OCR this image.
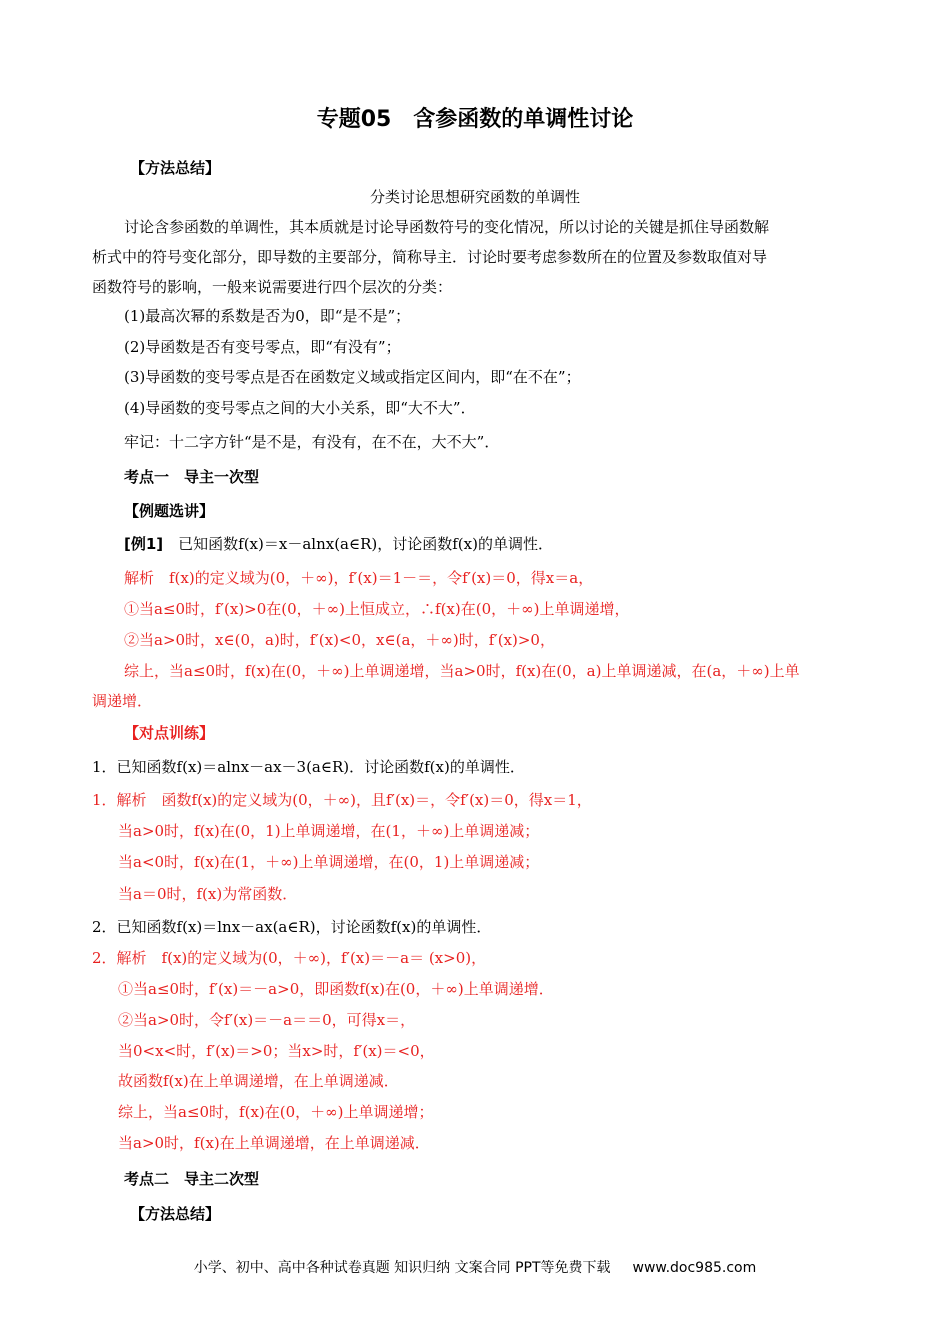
专题05　含参函数的单调性讨论
【方法总结】
分类讨论思想研究函数的单调性
讨论含参函数的单调性，其本质就是讨论导函数符号的变化情况，所以讨论的关键是抓住导函数解
析式中的符号变化部分，即导数的主要部分，简称导主．讨论时要考虑参数所在的位置及参数取值对导
函数符号的影响，一般来说需要进行四个层次的分类：
(1)最高次幂的系数是否为0，即“是不是”；
(2)导函数是否有变号零点，即“有没有”；
(3)导函数的变号零点是否在函数定义域或指定区间内，即“在不在”；
(4)导函数的变号零点之间的大小关系，即“大不大”．
牢记：十二字方针“是不是，有没有，在不在，大不大”．
考点一　导主一次型
【例题选讲】
[例1]　已知函数f(x)＝x－alnx(a∈R)，讨论函数f(x)的单调性．
解析　f(x)的定义域为(0，＋∞)，f′(x)＝1－＝，令f′(x)＝0，得x＝a，
①当a≤0时，f′(x)>0在(0，＋∞)上恒成立，∴f(x)在(0，＋∞)上单调递增，
②当a>0时，x∈(0，a)时，f′(x)<0，x∈(a，＋∞)时，f′(x)>0，
综上，当a≤0时，f(x)在(0，＋∞)上单调递增，当a>0时，f(x)在(0，a)上单调递减，在(a，＋∞)上单
调递增．
【对点训练】
1．已知函数f(x)＝alnx－ax－3(a∈R)．讨论函数f(x)的单调性．
1．解析　函数f(x)的定义域为(0，＋∞)，且f′(x)＝，令f′(x)＝0，得x＝1，
当a>0时，f(x)在(0，1)上单调递增，在(1，＋∞)上单调递减；
当a<0时，f(x)在(1，＋∞)上单调递增，在(0，1)上单调递减；
当a＝0时，f(x)为常函数．
2．已知函数f(x)＝lnx－ax(a∈R)，讨论函数f(x)的单调性．
2．解析　f(x)的定义域为(0，＋∞)，f′(x)＝－a＝ (x>0)，
①当a≤0时，f′(x)＝－a>0，即函数f(x)在(0，＋∞)上单调递增．
②当a>0时，令f′(x)＝－a＝＝0，可得x＝，
当0<x<时，f′(x)＝>0；当x>时，f′(x)＝<0，
故函数f(x)在上单调递增，在上单调递减．
综上，当a≤0时，f(x)在(0，＋∞)上单调递增；
当a>0时，f(x)在上单调递增，在上单调递减．
考点二　导主二次型
【方法总结】
小学、初中、高中各种试卷真题 知识归纳 文案合同 PPT等免费下载 www.doc985.com
